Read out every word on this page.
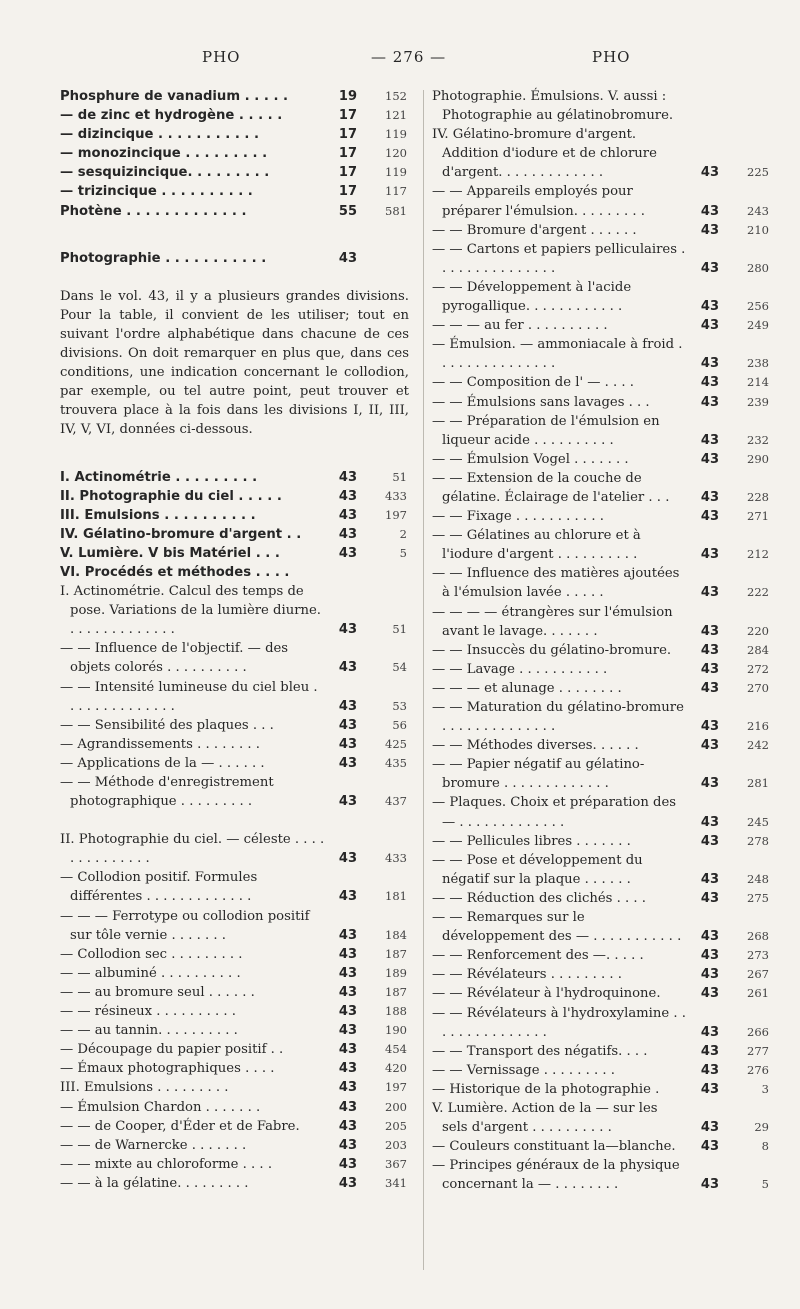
PHO	— 276 —	PHO
Phosphure de vanadium . . . . .	19 152
— de zinc et hydrogène . . . . .	17 121
— dizincique . . . . . . . . . . .	17 119
— monozincique . . . . . . . . .	17 120
— sesquizincique. . . . . . . . .	17 119
— trizincique . . . . . . . . . .	17 117
Photène . . . . . . . . . . . . .	55 581
Photographie . . . . . . . . . . .	43
Dans le vol. 43, il y a plusieurs grandes divisions. Pour la table, il convient de les utiliser; tout en suivant l'ordre alphabétique dans chacune de ces divisions. On doit remarquer en plus que, dans ces conditions, une indication concernant le collodion, par exemple, ou tel autre point, peut trouver et trouvera place à la fois dans les divisions I, II, III, IV, V, VI, données ci-dessous.
I. Actinométrie . . . . . . . . .	43	51
II. Photographie du ciel . . . . .	43 433
III. Emulsions . . . . . . . . . .	43 197
IV. Gélatino-bromure d'argent . .	43	2
V. Lumière. V bis Matériel . . .	43	5
VI. Procédés et méthodes . . . .
I. Actinométrie. Calcul des temps de pose. Variations de la lumière diurne. . . . . . . . . . . . . .	43	51
— — Influence de l'objectif. — des objets colorés . . . . . . . . . .	43	54
— — Intensité lumineuse du ciel bleu . . . . . . . . . . . . . .	43	53
— — Sensibilité des plaques . . .	43	56
— Agrandissements . . . . . . . .	43 425
— Applications de la — . . . . . .	43 435
— — Méthode d'enregistrement photographique . . . . . . . . .	43 437
II. Photographie du ciel. — céleste . . . . . . . . . . . . . .	43 433
— Collodion positif. Formules différentes . . . . . . . . . . . . .	43 181
— — — Ferrotype ou collodion positif sur tôle vernie . . . . . . .	43 184
— Collodion sec . . . . . . . . .	43 187
— — albuminé . . . . . . . . . .	43 189
— — au bromure seul . . . . . .	43 187
— — résineux . . . . . . . . . .	43 188
— — au tannin. . . . . . . . . .	43 190
— Découpage du papier positif . .	43 454
— Émaux photographiques . . . .	43 420
III. Emulsions . . . . . . . . .	43 197
— Émulsion Chardon . . . . . . .	43 200
— — de Cooper, d'Éder et de Fabre.	43 205
— — de Warnercke . . . . . . .	43 203
— — mixte au chloroforme . . . .	43 367
— — à la gélatine. . . . . . . . .	43 341
Photographie. Émulsions. V. aussi : Photographie au gélatinobromure.
IV. Gélatino-bromure d'argent. Addition d'iodure et de chlorure d'argent. . . . . . . . . . . . .	43 225
— — Appareils employés pour préparer l'émulsion. . . . . . . . .	43 243
— — Bromure d'argent . . . . . .	43 210
— — Cartons et papiers pelliculaires . . . . . . . . . . . . . . .	43 280
— — Développement à l'acide pyrogallique. . . . . . . . . . . .	43 256
— — — au fer . . . . . . . . . .	43 249
— Émulsion. — ammoniacale à froid . . . . . . . . . . . . . . .	43 238
— — Composition de l' — . . . .	43 214
— — Émulsions sans lavages . . .	43 239
— — Préparation de l'émulsion en liqueur acide . . . . . . . . . .	43 232
— — Émulsion Vogel . . . . . . .	43 290
— — Extension de la couche de gélatine. Éclairage de l'atelier . . .	43 228
— — Fixage . . . . . . . . . . .	43 271
— — Gélatines au chlorure et à l'iodure d'argent . . . . . . . . . .	43 212
— — Influence des matières ajoutées à l'émulsion lavée . . . . .	43 222
— — — — étrangères sur l'émulsion avant le lavage. . . . . . .	43 220
— — Insuccès du gélatino-bromure.	43 284
— — Lavage . . . . . . . . . . .	43 272
— — — et alunage . . . . . . . .	43 270
— — Maturation du gélatino-bromure . . . . . . . . . . . . . .	43 216
— — Méthodes diverses. . . . . .	43 242
— — Papier négatif au gélatino-bromure . . . . . . . . . . . . .	43 281
— Plaques. Choix et préparation des — . . . . . . . . . . . . .	43 245
— — Pellicules libres . . . . . . .	43 278
— — Pose et développement du négatif sur la plaque . . . . . .	43 248
— — Réduction des clichés . . . .	43 275
— — Remarques sur le développement des — . . . . . . . . . . .	43 268
— — Renforcement des —. . . . .	43 273
— — Révélateurs . . . . . . . . .	43 267
— — Révélateur à l'hydroquinone.	43 261
— — Révélateurs à l'hydroxylamine . . . . . . . . . . . . . . .	43 266
— — Transport des négatifs. . . .	43 277
— — Vernissage . . . . . . . . .	43 276
— Historique de la photographie .	43	3
V. Lumière. Action de la — sur les sels d'argent . . . . . . . . . .	43	29
— Couleurs constituant la—blanche.	43	8
— Principes généraux de la physique concernant la — . . . . . . . .	43	5
